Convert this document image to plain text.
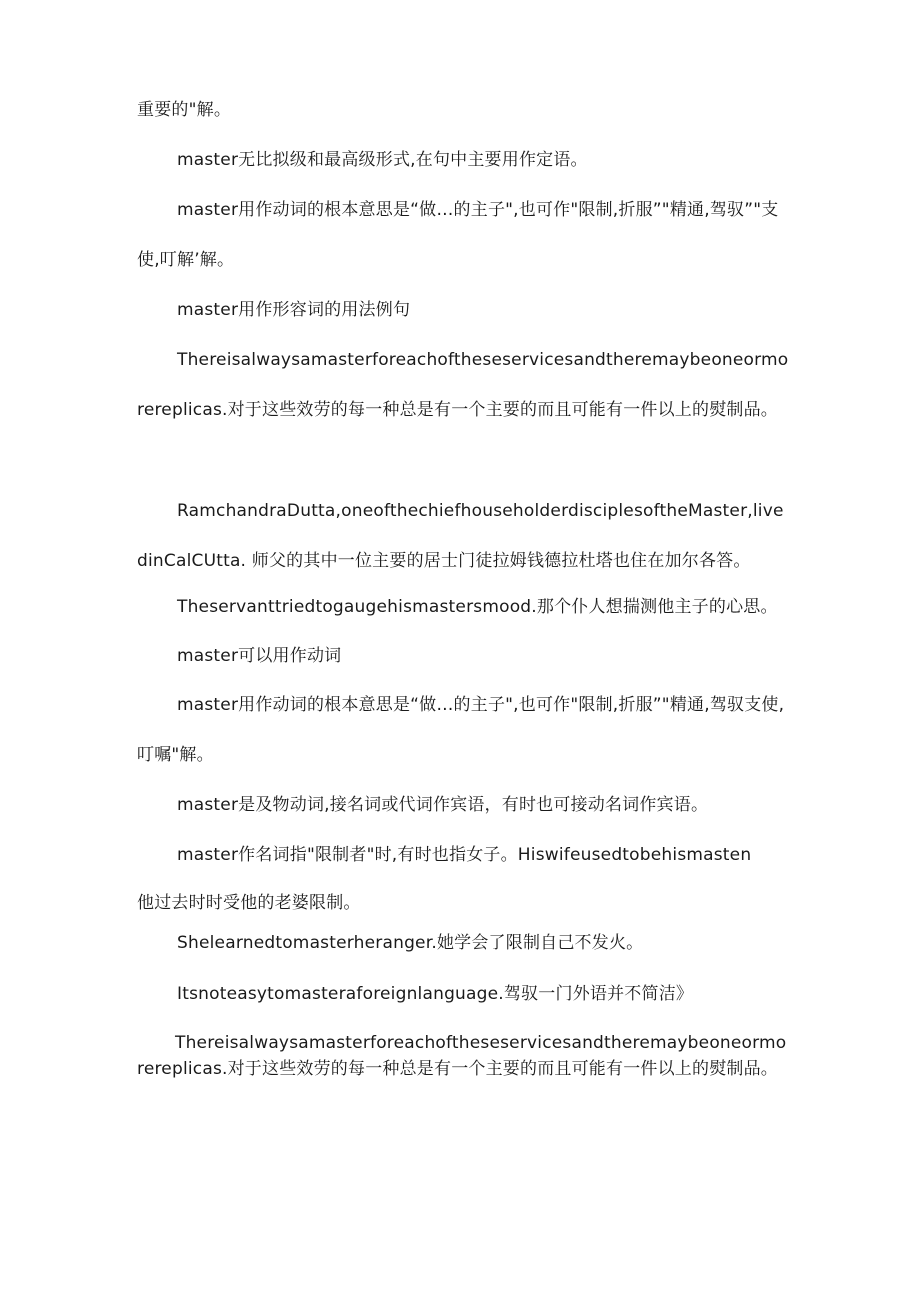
重要的"解。

master无比拟级和最高级形式,在句中主要用作定语。

master用作动词的根本意思是“做…的主子",也可作"限制,折服”"精通,驾驭”"支使,叮解’解。

master用作形容词的用法例句

Thereisalwaysamasterforeachoftheseservicesandtheremaybeoneormorereplicas.对于这些效劳的每一种总是有一个主要的而且可能有一件以上的熨制品。

RamchandraDutta,oneofthechiefhouseholderdisciplesoftheMaster,livedinCalCUtta. 师父的其中一位主要的居士门徒拉姆钱德拉杜塔也住在加尔各答。

Theservanttriedtogaugehismastersmood.那个仆人想揣测他主子的心思。

master可以用作动词

master用作动词的根本意思是“做…的主子",也可作"限制,折服”"精通,驾驭支使,叮嘱"解。

master是及物动词,接名词或代词作宾语，有时也可接动名词作宾语。

master作名词指"限制者"时,有时也指女子。Hiswifeusedtobehismasten

他过去时时受他的老婆限制。

Shelearnedtomasterheranger.她学会了限制自己不发火。

Itsnoteasytomasteraforeignlanguage.驾驭一门外语并不简洁》

Thereisalwaysamasterforeachoftheseservicesandtheremaybeoneormorereplicas.对于这些效劳的每一种总是有一个主要的而且可能有一件以上的熨制品。
